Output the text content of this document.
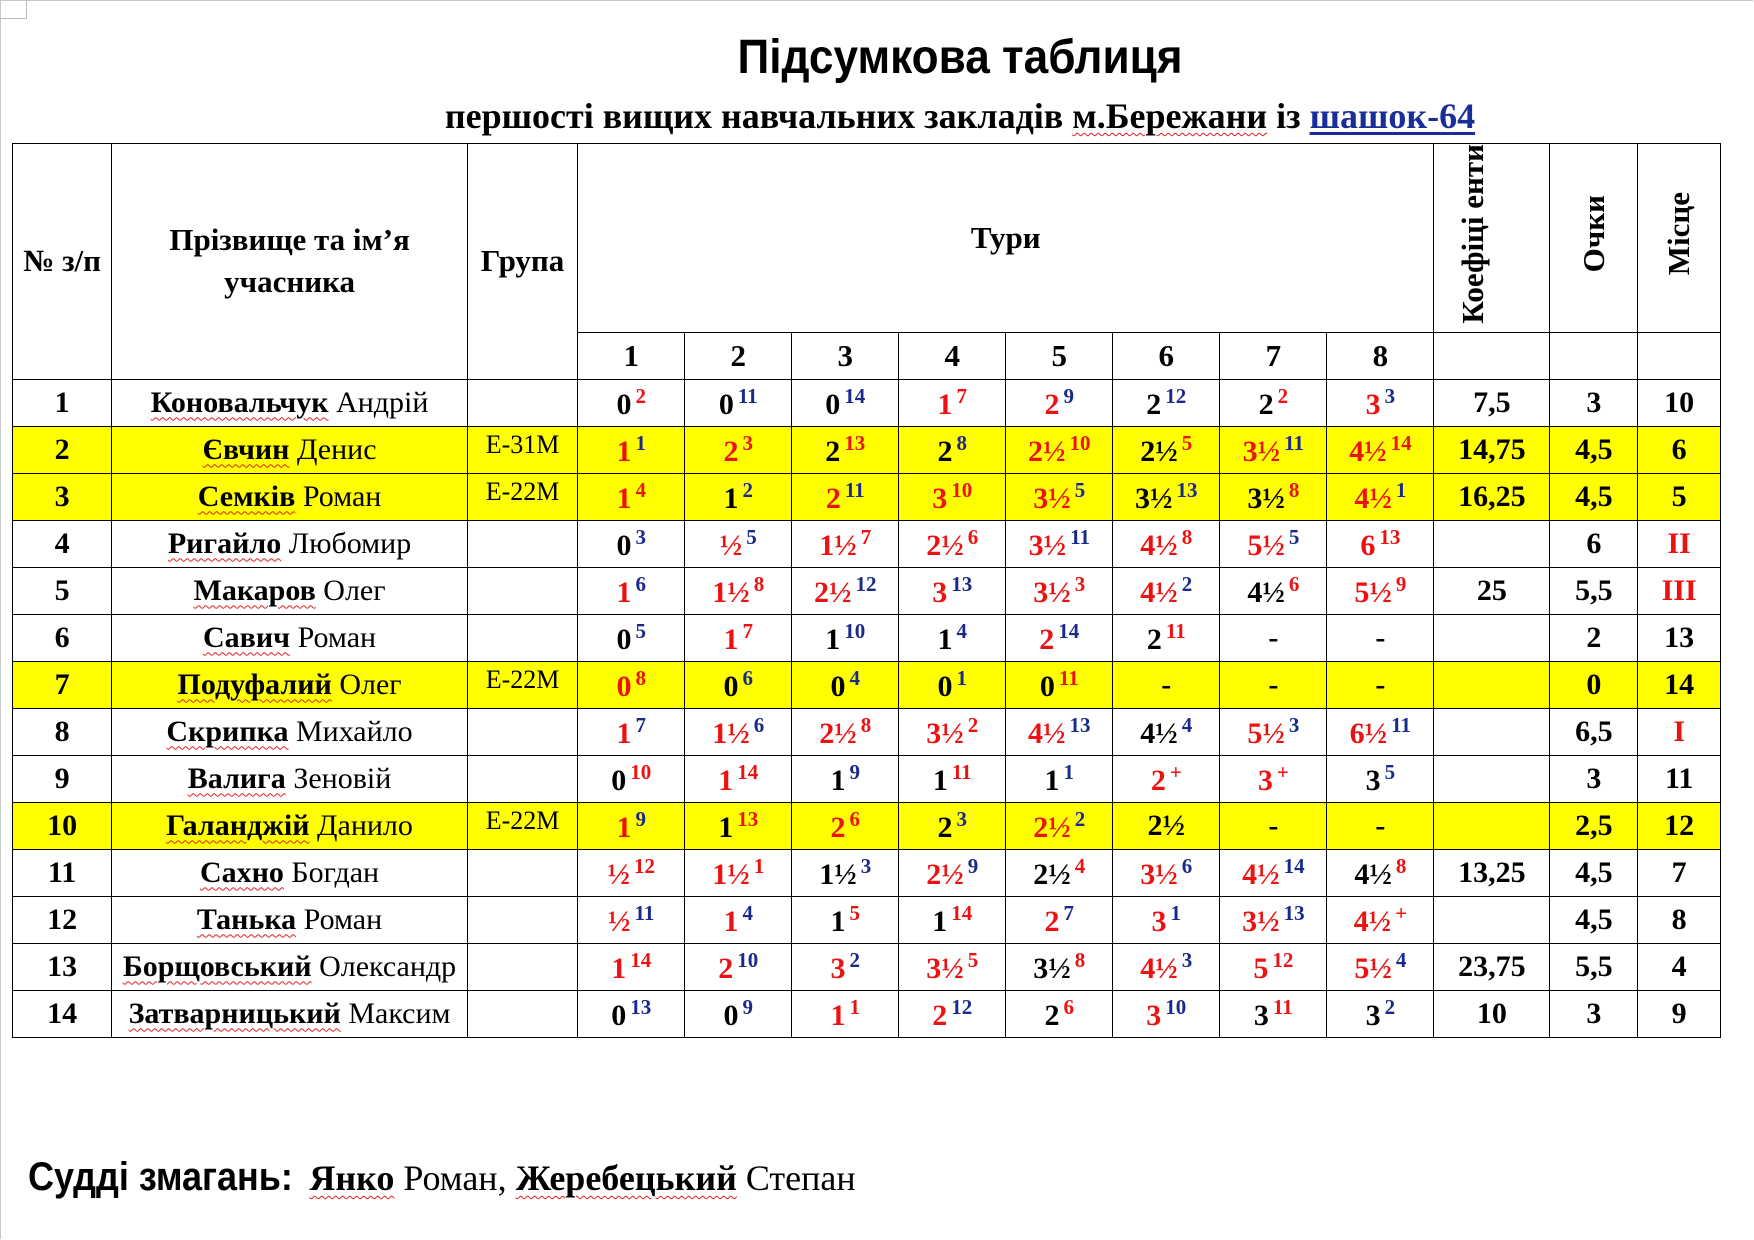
Підсумкова таблиця
першості вищих навчальних закладів м.Бережани із шашок-64
№ з/п	Прізвище та ім’я учасника	Група	Тури								Коефіці енти	Очки	Місце
			1	2	3	4	5	6	7	8			
1	Коновальчук Андрій		0 $^2$	0 $^{11}$	0 $^{14}$	1 $^7$	2 $^9$	2 $^{12}$	2 $^2$	3 $^3$	7,5	3	10
2	Євчин Денис	Е-31М	1 $^1$	2 $^3$	2 $^{13}$	2 $^8$	2½ $^{10}$	2½ $^5$	3½ $^{11}$	4½ $^{14}$	14,75	4,5	6
3	Семків Роман	Е-22М	1 $^4$	1 $^2$	2 $^{11}$	3 $^{10}$	3½ $^5$	3½ $^{13}$	3½ $^8$	4½ $^1$	16,25	4,5	5
4	Ригайло Любомир		0 $^3$	½ $^5$	1½ $^7$	2½ $^6$	3½ $^{11}$	4½ $^8$	5½ $^5$	6 $^{13}$		6	II
5	Макаров Олег		1 $^6$	1½ $^8$	2½ $^{12}$	3 $^{13}$	3½ $^3$	4½ $^2$	4½ $^6$	5½ $^9$	25	5,5	III
6	Савич Роман		0 $^5$	1 $^7$	1 $^{10}$	1 $^4$	2 $^{14}$	2 $^{11}$	-	-		2	13
7	Подуфалий Олег	Е-22М	0 $^8$	0 $^6$	0 $^4$	0 $^1$	0 $^{11}$	-	-	-		0	14
8	Скрипка Михайло		1 $^7$	1½ $^6$	2½ $^8$	3½ $^2$	4½ $^{13}$	4½ $^4$	5½ $^3$	6½ $^{11}$		6,5	I
9	Валига Зеновій		0 $^{10}$	1 $^{14}$	1 $^9$	1 $^{11}$	1 $^1$	2 +	3 +	3 $^5$		3	11
10	Галанджій Данило	Е-22М	1 $^9$	1 $^{13}$	2 $^6$	2 $^3$	2½ $^2$	2½	-	-		2,5	12
11	Сахно Богдан		½ $^{12}$	1½ $^1$	1½ $^3$	2½ $^9$	2½ $^4$	3½ $^6$	4½ $^{14}$	4½ $^8$	13,25	4,5	7
12	Танька Роман		½ $^{11}$	1 $^4$	1 $^5$	1 $^{14}$	2 $^7$	3 $^1$	3½ $^{13}$	4½ +		4,5	8
13	Борщовський Олександр		1 $^{14}$	2 $^{10}$	3 $^2$	3½ $^5$	3½ $^8$	4½ $^3$	5 $^{12}$	5½ $^4$	23,75	5,5	4
14	Затварницький Максим		0 $^{13}$	0 $^9$	1 $^1$	2 $^{12}$	2 $^6$	3 $^{10}$	3 $^{11}$	3 $^2$	10	3	9
Судді змагань: Янко Роман, Жеребецький Степан
